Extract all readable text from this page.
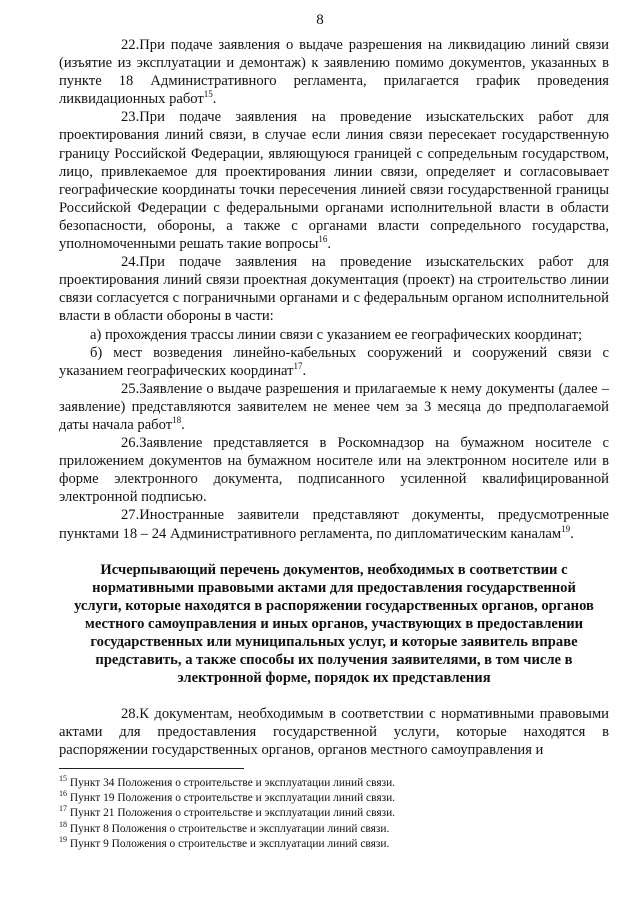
8

22.При подаче заявления о выдаче разрешения на ликвидацию линий связи (изъятие из эксплуатации и демонтаж) к заявлению помимо документов, указанных в пункте 18 Административного регламента, прилагается график проведения ликвидационных работ$^{15}$.

23.При подаче заявления на проведение изыскательских работ для проектирования линий связи, в случае если линия связи пересекает государственную границу Российской Федерации, являющуюся границей с сопредельным государством, лицо, привлекаемое для проектирования линии связи, определяет и согласовывает географические координаты точки пересечения линией связи государственной границы Российской Федерации с федеральными органами исполнительной власти в области безопасности, обороны, а также с органами власти сопредельного государства, уполномоченными решать такие вопросы$^{16}$.

24.При подаче заявления на проведение изыскательских работ для проектирования линий связи проектная документация (проект) на строительство линии связи согласуется с пограничными органами и с федеральным органом исполнительной власти в области обороны в части:

а) прохождения трассы линии связи с указанием ее географических координат;

б) мест возведения линейно-кабельных сооружений и сооружений связи с указанием географических координат$^{17}$.

25.Заявление о выдаче разрешения и прилагаемые к нему документы (далее – заявление) представляются заявителем не менее чем за 3 месяца до предполагаемой даты начала работ$^{18}$.

26.Заявление представляется в Роскомнадзор на бумажном носителе с приложением документов на бумажном носителе или на электронном носителе или в форме электронного документа, подписанного усиленной квалифицированной электронной подписью.

27.Иностранные заявители представляют документы, предусмотренные пунктами 18 – 24 Административного регламента, по дипломатическим каналам$^{19}$.

Исчерпывающий перечень документов, необходимых в соответствии с нормативными правовыми актами для предоставления государственной услуги, которые находятся в распоряжении государственных органов, органов местного самоуправления и иных органов, участвующих в предоставлении государственных или муниципальных услуг, и которые заявитель вправе представить, а также способы их получения заявителями, в том числе в электронной форме, порядок их представления

28.К документам, необходимым в соответствии с нормативными правовыми актами для предоставления государственной услуги, которые находятся в распоряжении государственных органов, органов местного самоуправления и

$^{15}$ Пункт 34 Положения о строительстве и эксплуатации линий связи.

$^{16}$ Пункт 19 Положения о строительстве и эксплуатации линий связи.

$^{17}$ Пункт 21 Положения о строительстве и эксплуатации линий связи.

$^{18}$ Пункт 8 Положения о строительстве и эксплуатации линий связи.

$^{19}$ Пункт 9 Положения о строительстве и эксплуатации линий связи.
